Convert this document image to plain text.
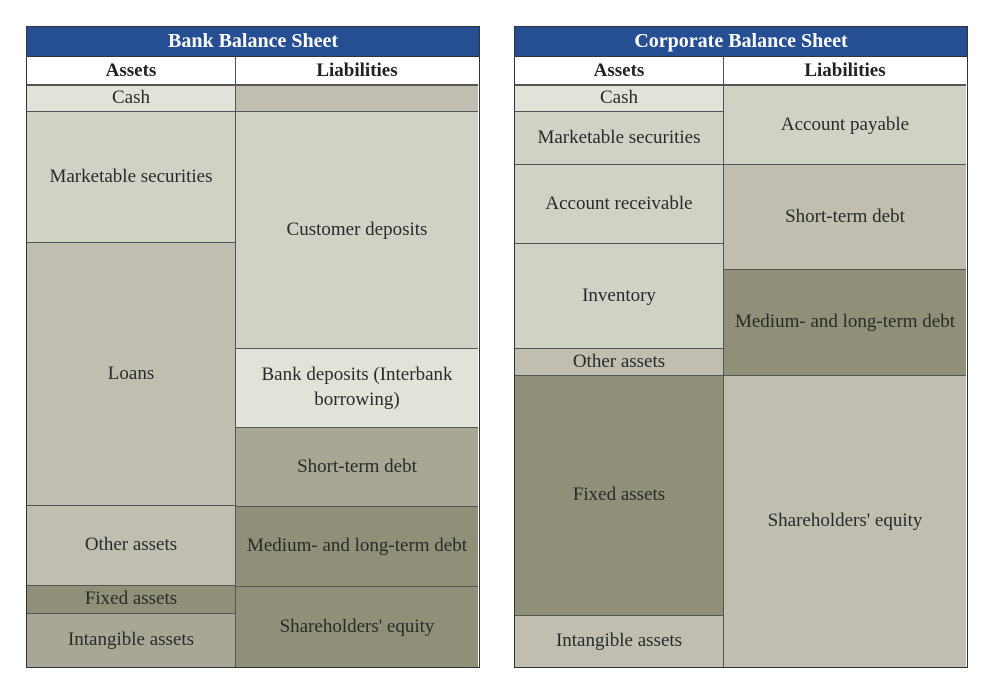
Bank Balance Sheet
Assets	Liabilities
Cash
Marketable securities
Loans
Other assets
Fixed assets
Intangible assets
Customer deposits
Bank deposits (Interbank borrowing)
Short-term debt
Medium- and long-term debt
Shareholders' equity
Corporate Balance Sheet
Assets	Liabilities
Cash
Marketable securities
Account receivable
Inventory
Other assets
Fixed assets
Intangible assets
Account payable
Short-term debt
Medium- and long-term debt
Shareholders' equity
